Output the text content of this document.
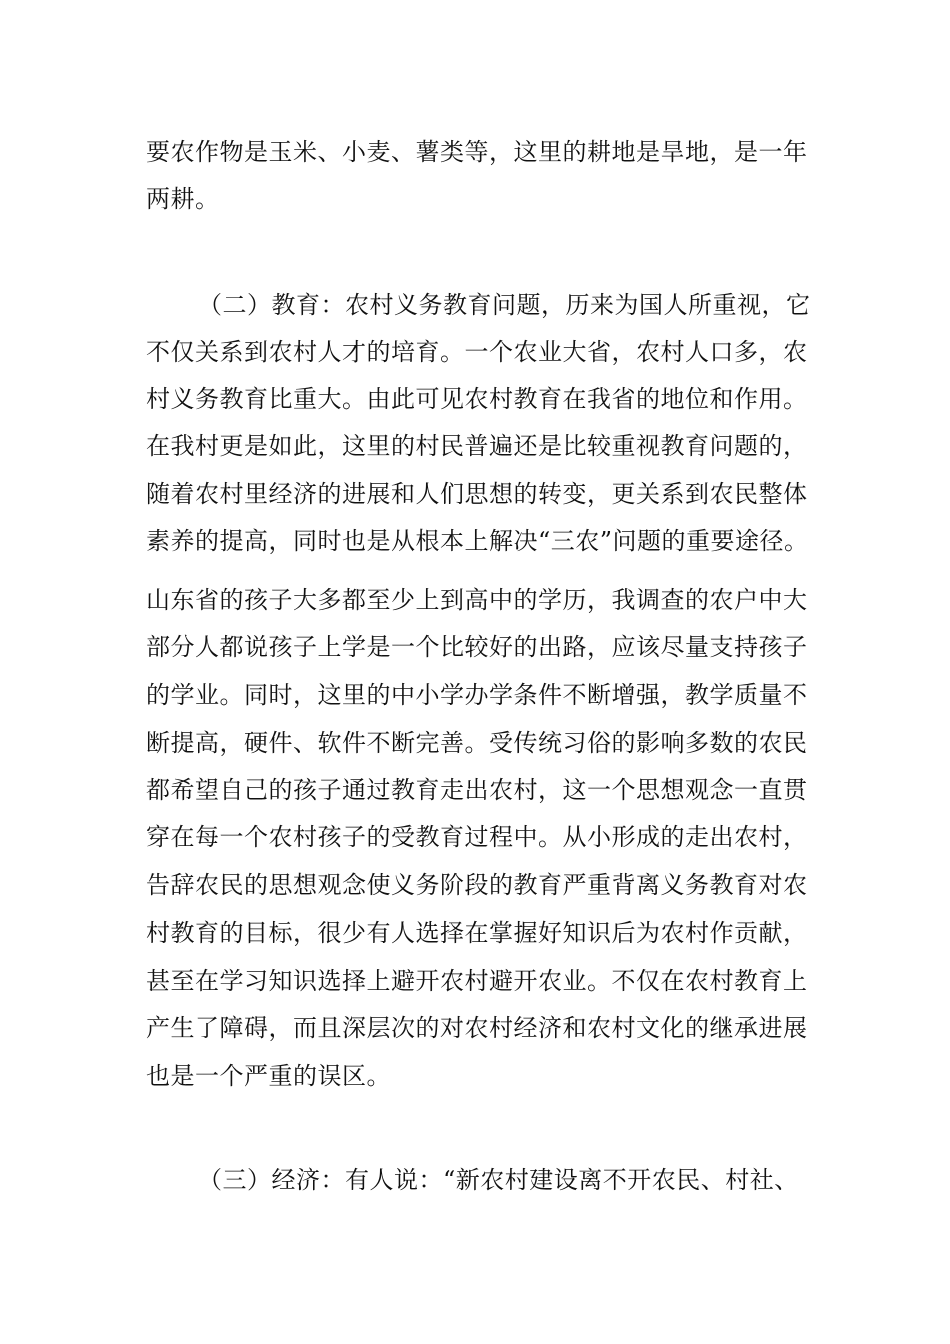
要农作物是玉米、小麦、薯类等，这里的耕地是旱地，是一年
两耕。
（二）教育：农村义务教育问题，历来为国人所重视，它
不仅关系到农村人才的培育。一个农业大省，农村人口多，农
村义务教育比重大。由此可见农村教育在我省的地位和作用。
在我村更是如此，这里的村民普遍还是比较重视教育问题的，
随着农村里经济的进展和人们思想的转变，更关系到农民整体
素养的提高，同时也是从根本上解决“三农”问题的重要途径。
山东省的孩子大多都至少上到高中的学历，我调查的农户中大
部分人都说孩子上学是一个比较好的出路，应该尽量支持孩子
的学业。同时，这里的中小学办学条件不断增强，教学质量不
断提高，硬件、软件不断完善。受传统习俗的影响多数的农民
都希望自己的孩子通过教育走出农村，这一个思想观念一直贯
穿在每一个农村孩子的受教育过程中。从小形成的走出农村，
告辞农民的思想观念使义务阶段的教育严重背离义务教育对农
村教育的目标，很少有人选择在掌握好知识后为农村作贡献，
甚至在学习知识选择上避开农村避开农业。不仅在农村教育上
产生了障碍，而且深层次的对农村经济和农村文化的继承进展
也是一个严重的误区。
（三）经济：有人说：“新农村建设离不开农民、村社、
